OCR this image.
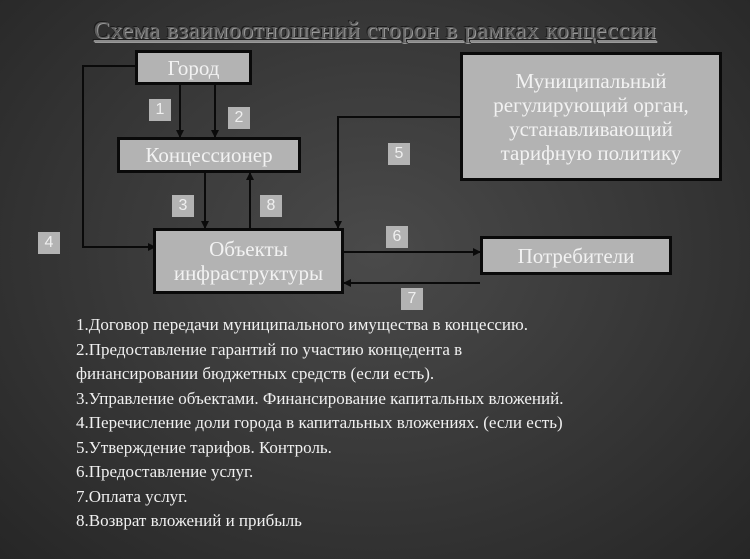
Схема взаимоотношений сторон в рамках концессии
Город
Муниципальный регулирующий орган, устанавливающий тарифную политику
Концессионер
Объекты инфраструктуры
Потребители
1	2
3	8
4
5
6
7
1.Договор передачи муниципального имущества в концессию.
2.Предоставление гарантий по участию концедента в
финансировании бюджетных средств (если есть).
3.Управление объектами. Финансирование капитальных вложений.
4.Перечисление доли города в капитальных вложениях. (если есть)
5.Утверждение тарифов. Контроль.
6.Предоставление услуг.
7.Оплата услуг.
8.Возврат вложений и прибыль
